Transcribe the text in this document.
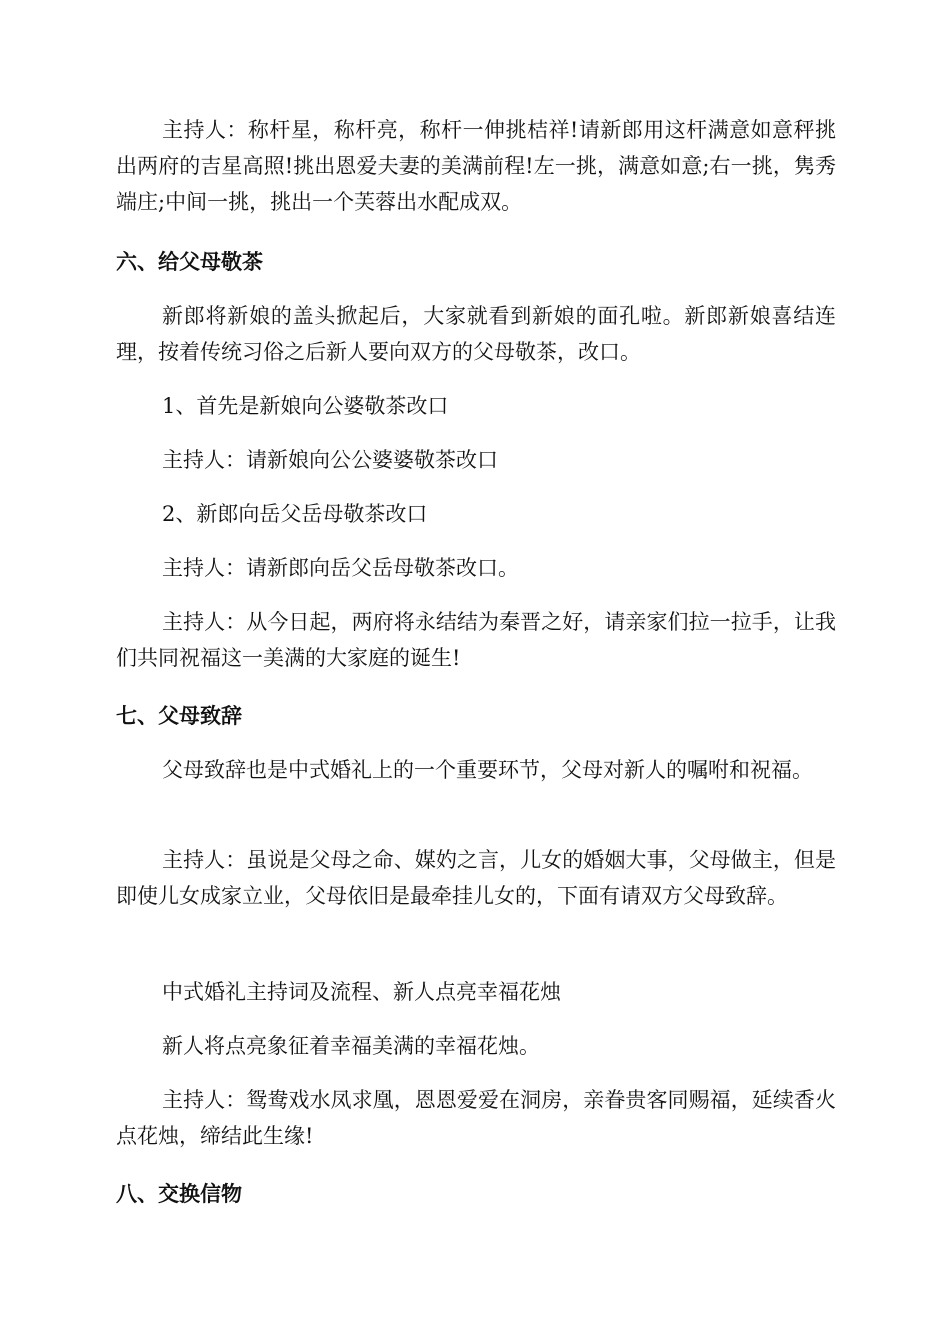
主持人：称杆星，称杆亮，称杆一伸挑桔祥!请新郎用这杆满意如意秤挑出两府的吉星高照!挑出恩爱夫妻的美满前程!左一挑，满意如意;右一挑，隽秀端庄;中间一挑，挑出一个芙蓉出水配成双。

六、给父母敬茶

新郎将新娘的盖头掀起后，大家就看到新娘的面孔啦。新郎新娘喜结连理，按着传统习俗之后新人要向双方的父母敬茶，改口。

1、首先是新娘向公婆敬茶改口

主持人：请新娘向公公婆婆敬茶改口

2、新郎向岳父岳母敬茶改口

主持人：请新郎向岳父岳母敬茶改口。

主持人：从今日起，两府将永结结为秦晋之好，请亲家们拉一拉手，让我们共同祝福这一美满的大家庭的诞生!

七、父母致辞

父母致辞也是中式婚礼上的一个重要环节，父母对新人的嘱咐和祝福。

主持人：虽说是父母之命、媒妁之言，儿女的婚姻大事，父母做主，但是即使儿女成家立业，父母依旧是最牵挂儿女的，下面有请双方父母致辞。

中式婚礼主持词及流程、新人点亮幸福花烛

新人将点亮象征着幸福美满的幸福花烛。

主持人：鸳鸯戏水凤求凰，恩恩爱爱在洞房，亲眷贵客同赐福，延续香火点花烛，缔结此生缘!

八、交换信物
